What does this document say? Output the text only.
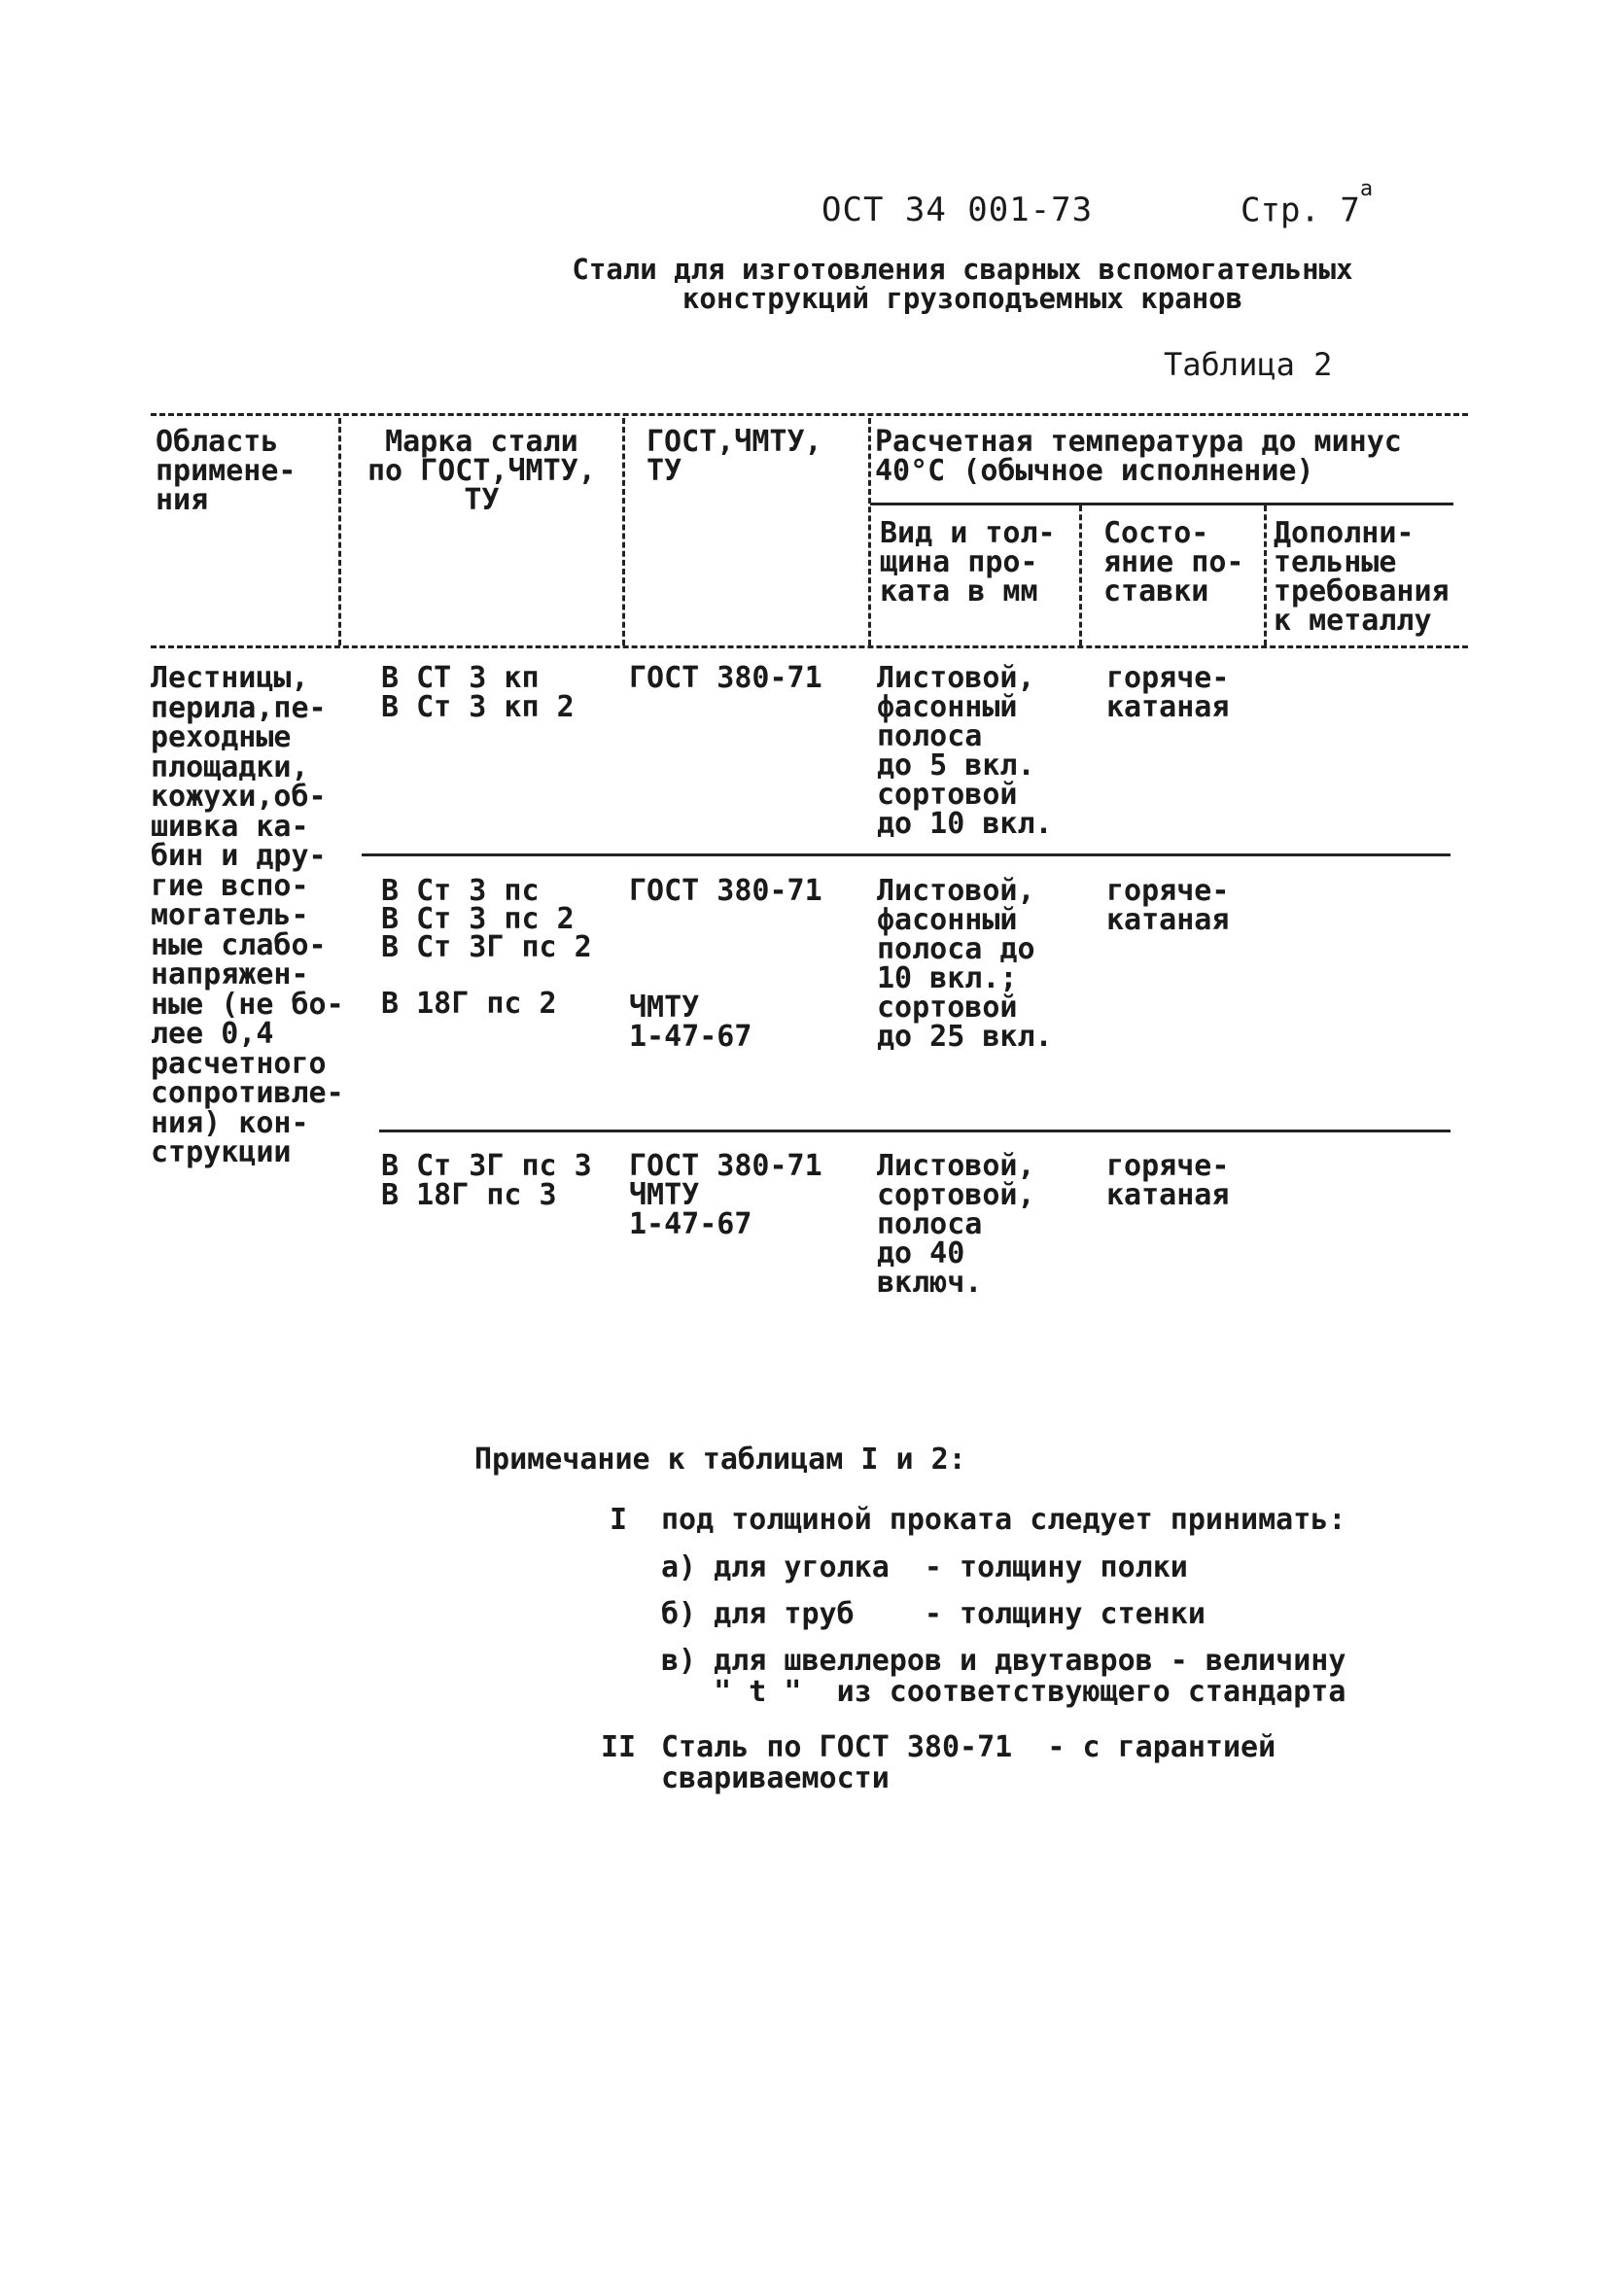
ОСТ 34 001-73	Стр. $7^а$
Стали для изготовления сварных вспомогательных
конструкций грузоподъемных кранов
Таблица 2
Область
примене-
ния
Марка стали
по ГОСТ,ЧМТУ,
ТУ
ГОСТ,ЧМТУ,
ТУ
Расчетная температура до минус
40°С (обычное исполнение)
Вид и тол-
щина про-
ката в мм
Состо-
яние по-
ставки
Дополни-
тельные
требования
к металлу
Лестницы,
перила,пе-
реходные
площадки,
кожухи,об-
шивка ка-
бин и дру-
гие вспо-
могатель-
ные слабо-
напряжен-
ные (не бо-
лее 0,4
расчетного
сопротивле-
ния) кон-
струкции
В СТ 3 кп
В Ст 3 кп 2
ГОСТ 380-71 Листовой,
фасонный
полоса
до 5 вкл.
сортовой
до 10 вкл.
горяче-
катаная
В Ст 3 пс
В Ст 3 пс 2
В Ст 3Г пс 2

В 18Г пс 2
ГОСТ 380-71

ЧМТУ
1-47-67
Листовой,
фасонный
полоса до
10 вкл.;
сортовой
до 25 вкл.
горяче-
катаная
В Ст 3Г пс 3
В 18Г пс 3
ГОСТ 380-71
ЧМТУ
1-47-67
Листовой,
сортовой,
полоса
до 40
включ.
горяче-
катаная
Примечание к таблицам I и 2:
I под толщиной проката следует принимать:
а) для уголка  - толщину полки
б) для труб    - толщину стенки
в) для швеллеров и двутавров - величину
" t "  из соответствующего стандарта
II Сталь по ГОСТ 380-71  - с гарантией
свариваемости
